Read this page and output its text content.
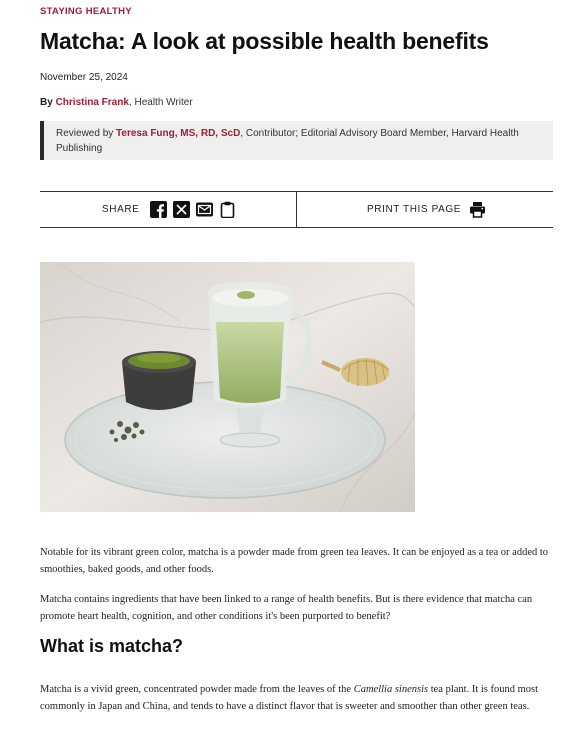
STAYING HEALTHY
Matcha: A look at possible health benefits
November 25, 2024
By Christina Frank, Health Writer
Reviewed by Teresa Fung, MS, RD, ScD, Contributor; Editorial Advisory Board Member, Harvard Health Publishing
SHARE	PRINT THIS PAGE

Notable for its vibrant green color, matcha is a powder made from green tea leaves. It can be enjoyed as a tea or added to smoothies, baked goods, and other foods.

Matcha contains ingredients that have been linked to a range of health benefits. But is there evidence that matcha can promote heart health, cognition, and other conditions it's been purported to benefit?

What is matcha?

Matcha is a vivid green, concentrated powder made from the leaves of the Camellia sinensis tea plant. It is found most commonly in Japan and China, and tends to have a distinct flavor that is sweeter and smoother than other green teas.
